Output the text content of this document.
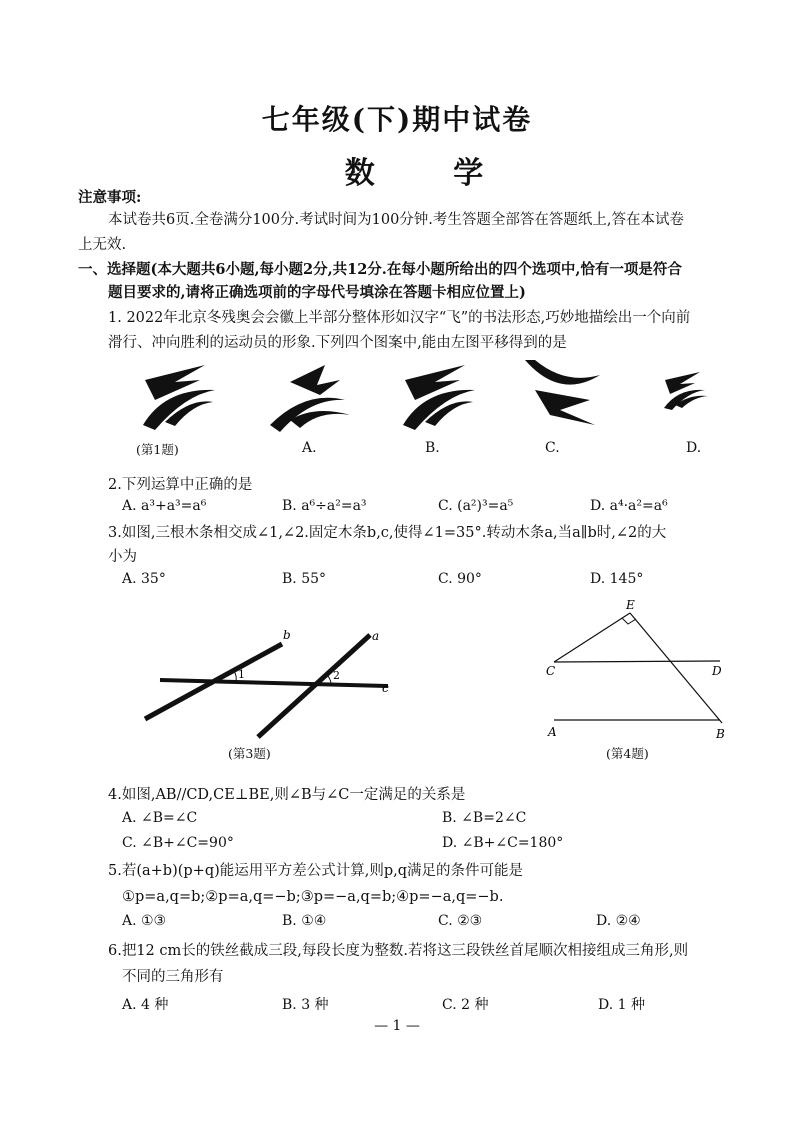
七年级(下)期中试卷
数 学
注意事项:
本试卷共6页.全卷满分100分.考试时间为100分钟.考生答题全部答在答题纸上,答在本试卷
上无效.
一、选择题(本大题共6小题,每小题2分,共12分.在每小题所给出的四个选项中,恰有一项是符合
题目要求的,请将正确选项前的字母代号填涂在答题卡相应位置上)
1. 2022年北京冬残奥会会徽上半部分整体形如汉字“飞”的书法形态,巧妙地描绘出一个向前
滑行、冲向胜利的运动员的形象.下列四个图案中,能由左图平移得到的是
(第1题)	A.	B.	C.	D.
2.下列运算中正确的是
A. a³+a³=a⁶	B. a⁶÷a²=a³	C. (a²)³=a⁵	D. a⁴·a²=a⁶
3.如图,三根木条相交成∠1,∠2.固定木条b,c,使得∠1=35°.转动木条a,当a∥b时,∠2的大
小为
A. 35°	B. 55°	C. 90°	D. 145°
b	a
c
1	2
(第3题)
E
C	D
A	B
(第4题)
4.如图,AB//CD,CE⊥BE,则∠B与∠C一定满足的关系是
A. ∠B=∠C	B. ∠B=2∠C
C. ∠B+∠C=90°	D. ∠B+∠C=180°
5.若(a+b)(p+q)能运用平方差公式计算,则p,q满足的条件可能是
①p=a,q=b;②p=a,q=−b;③p=−a,q=b;④p=−a,q=−b.
A. ①③	B. ①④	C. ②③	D. ②④
6.把12 cm长的铁丝截成三段,每段长度为整数.若将这三段铁丝首尾顺次相接组成三角形,则
不同的三角形有
A. 4 种	B. 3 种	C. 2 种	D. 1 种
— 1 —
